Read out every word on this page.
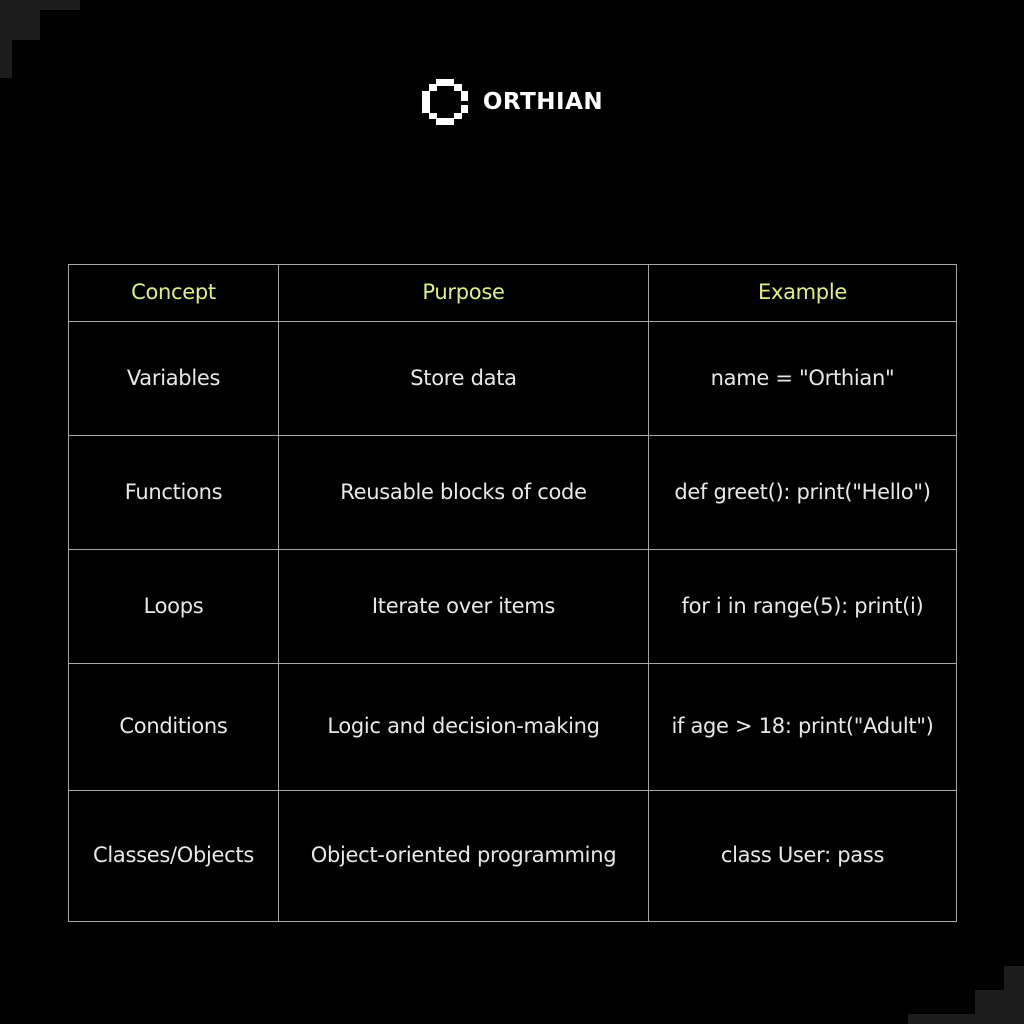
ORTHIAN
Concept	Purpose	Example
Variables	Store data	name = "Orthian"
Functions	Reusable blocks of code	def greet(): print("Hello")
Loops	Iterate over items	for i in range(5): print(i)
Conditions	Logic and decision-making	if age > 18: print("Adult")
Classes/Objects	Object-oriented programming	class User: pass
